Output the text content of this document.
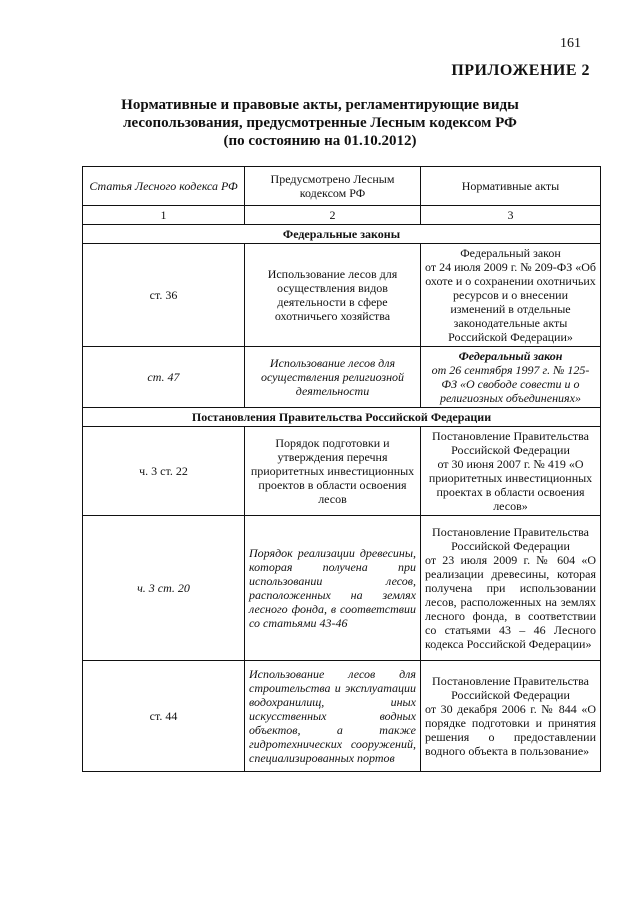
161
ПРИЛОЖЕНИЕ 2
Нормативные и правовые акты, регламентирующие виды
лесопользования, предусмотренные Лесным кодексом РФ
(по состоянию на 01.10.2012)
Статья Лесного кодекса РФ	Предусмотрено Лесным кодексом РФ	Нормативные акты
1	2	3
Федеральные законы		
ст. 36	Использование лесов для осуществления видов деятельности в сфере охотничьего хозяйства	Федеральный закон
от 24 июля 2009 г. № 209-ФЗ «Об охоте и о сохранении охотничьих ресурсов и о внесении изменений в отдельные законодательные акты Российской Федерации»

ст. 47	Использование лесов для осуществления религиозной деятельности	Федеральный закон
от 26 сентября 1997 г. № 125-ФЗ «О свободе совести и о религиозных объединениях»

Постановления Правительства Российской Федерации		
ч. 3 ст. 22	Порядок подготовки и утверждения перечня приоритетных инвестиционных проектов в области освоения лесов	Постановление Правительства Российской Федерации
от 30 июня 2007 г. № 419 «О приоритетных инвестиционных проектах в области освоения лесов»

ч. 3 ст. 20	Порядок реализации древесины, которая получена при использовании лесов, расположенных на землях лесного фонда, в соответствии со статьями 43-46	Постановление Правительства Российской Федерации
от 23 июля 2009 г. № 604 «О реализации древесины, которая получена при использовании лесов, расположенных на землях лесного фонда, в соответствии со статьями 43 – 46 Лесного кодекса Российской Федерации»

ст. 44	Использование лесов для строительства и эксплуатации водохранилищ, иных искусственных водных объектов, а также гидротехнических сооружений, специализированных портов	Постановление Правительства Российской Федерации
от 30 декабря 2006 г. № 844 «О порядке подготовки и принятия решения о предоставлении водного объекта в пользование»
